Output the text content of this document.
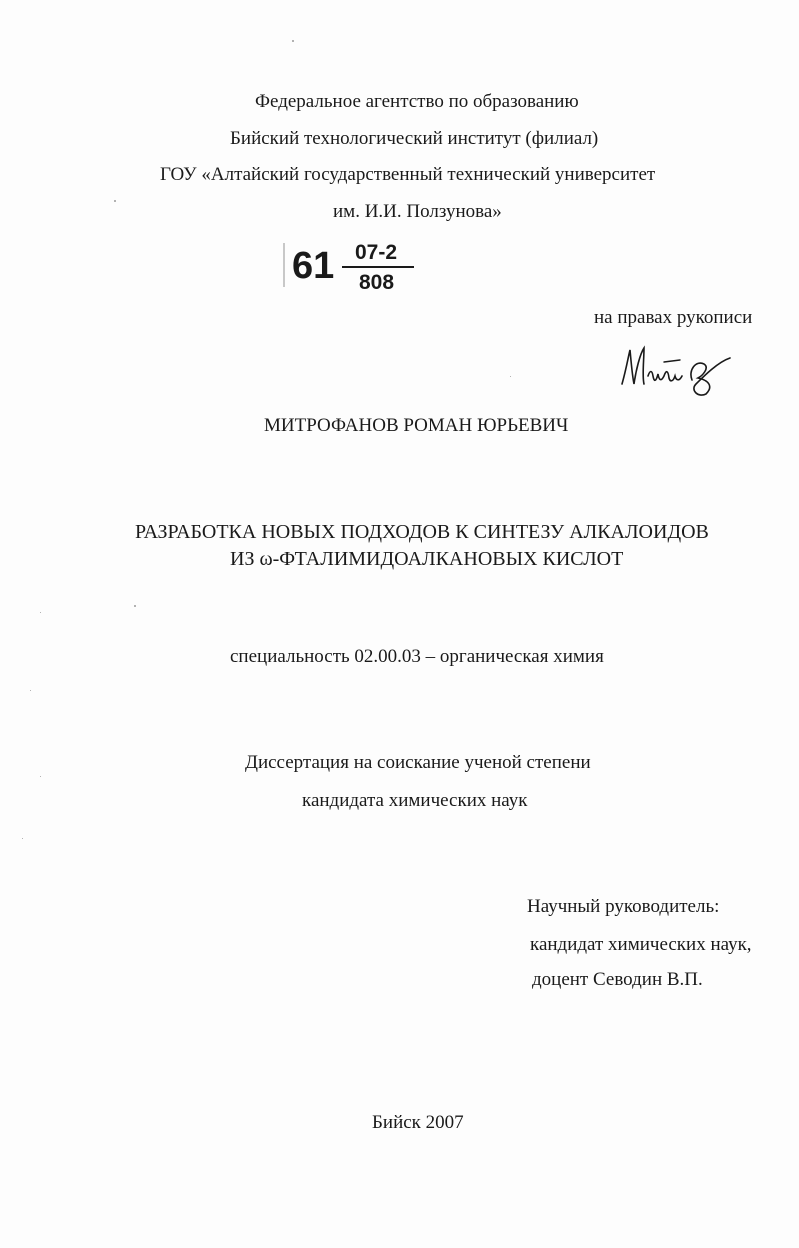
Федеральное агентство по образованию
Бийский технологический институт (филиал)
ГОУ «Алтайский государственный технический университет
им. И.И. Ползунова»
61 07-2
808
на правах рукописи
МИТРОФАНОВ РОМАН ЮРЬЕВИЧ
РАЗРАБОТКА НОВЫХ ПОДХОДОВ К СИНТЕЗУ АЛКАЛОИДОВ
ИЗ ω-ФТАЛИМИДОАЛКАНОВЫХ КИСЛОТ
специальность 02.00.03 – органическая химия
Диссертация на соискание ученой степени
кандидата химических наук
Научный руководитель:
кандидат химических наук,
доцент Севодин В.П.
Бийск 2007
